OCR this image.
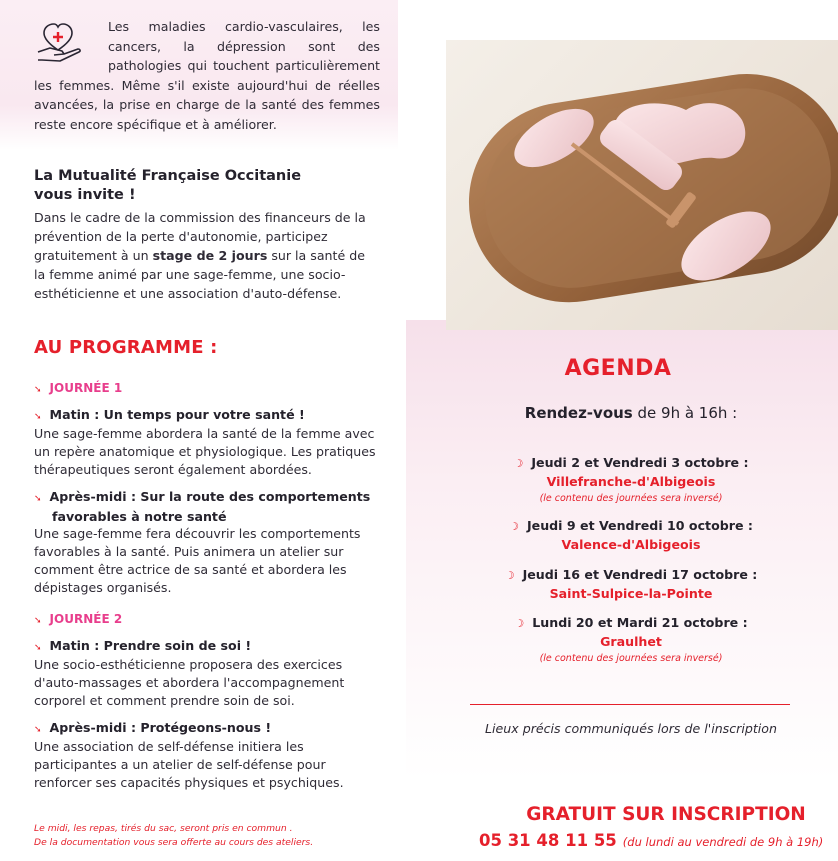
Les maladies cardio-vasculaires, les cancers, la dépression sont des pathologies qui touchent particulièrement les femmes. Même s'il existe aujourd'hui de réelles avancées, la prise en charge de la santé des femmes reste encore spécifique et à améliorer.
La Mutualité Française Occitanie
vous invite !
Dans le cadre de la commission des financeurs de la prévention de la perte d'autonomie, participez gratuitement à un stage de 2 jours sur la santé de la femme animé par une sage-femme, une socio-esthéticienne et une association d'auto-défense.
AU PROGRAMME :
➘ JOURNÉE 1
➘ Matin : Un temps pour votre santé !
Une sage-femme abordera la santé de la femme avec un repère anatomique et physiologique. Les pratiques thérapeutiques seront également abordées.
➘ Après-midi : Sur la route des comportements
favorables à notre santé
Une sage-femme fera découvrir les comportements favorables à la santé. Puis animera un atelier sur comment être actrice de sa santé et abordera les dépistages organisés.
➘ JOURNÉE 2
➘ Matin : Prendre soin de soi !
Une socio-esthéticienne proposera des exercices d'auto-massages et abordera l'accompagnement corporel et comment prendre soin de soi.
➘ Après-midi : Protégeons-nous !
Une association de self-défense initiera les participantes a un atelier de self-défense pour renforcer ses capacités physiques et psychiques.
Le midi, les repas, tirés du sac, seront pris en commun .
De la documentation vous sera offerte au cours des ateliers.
AGENDA
Rendez-vous de 9h à 16h :
☽ Jeudi 2 et Vendredi 3 octobre :
Villefranche-d'Albigeois
(le contenu des journées sera inversé)
☽ Jeudi 9 et Vendredi 10 octobre :
Valence-d'Albigeois
☽ Jeudi 16 et Vendredi 17 octobre :
Saint-Sulpice-la-Pointe
☽ Lundi 20 et Mardi 21 octobre :
Graulhet
(le contenu des journées sera inversé)
Lieux précis communiqués lors de l'inscription
GRATUIT SUR INSCRIPTION
05 31 48 11 55 (du lundi au vendredi de 9h à 19h)
